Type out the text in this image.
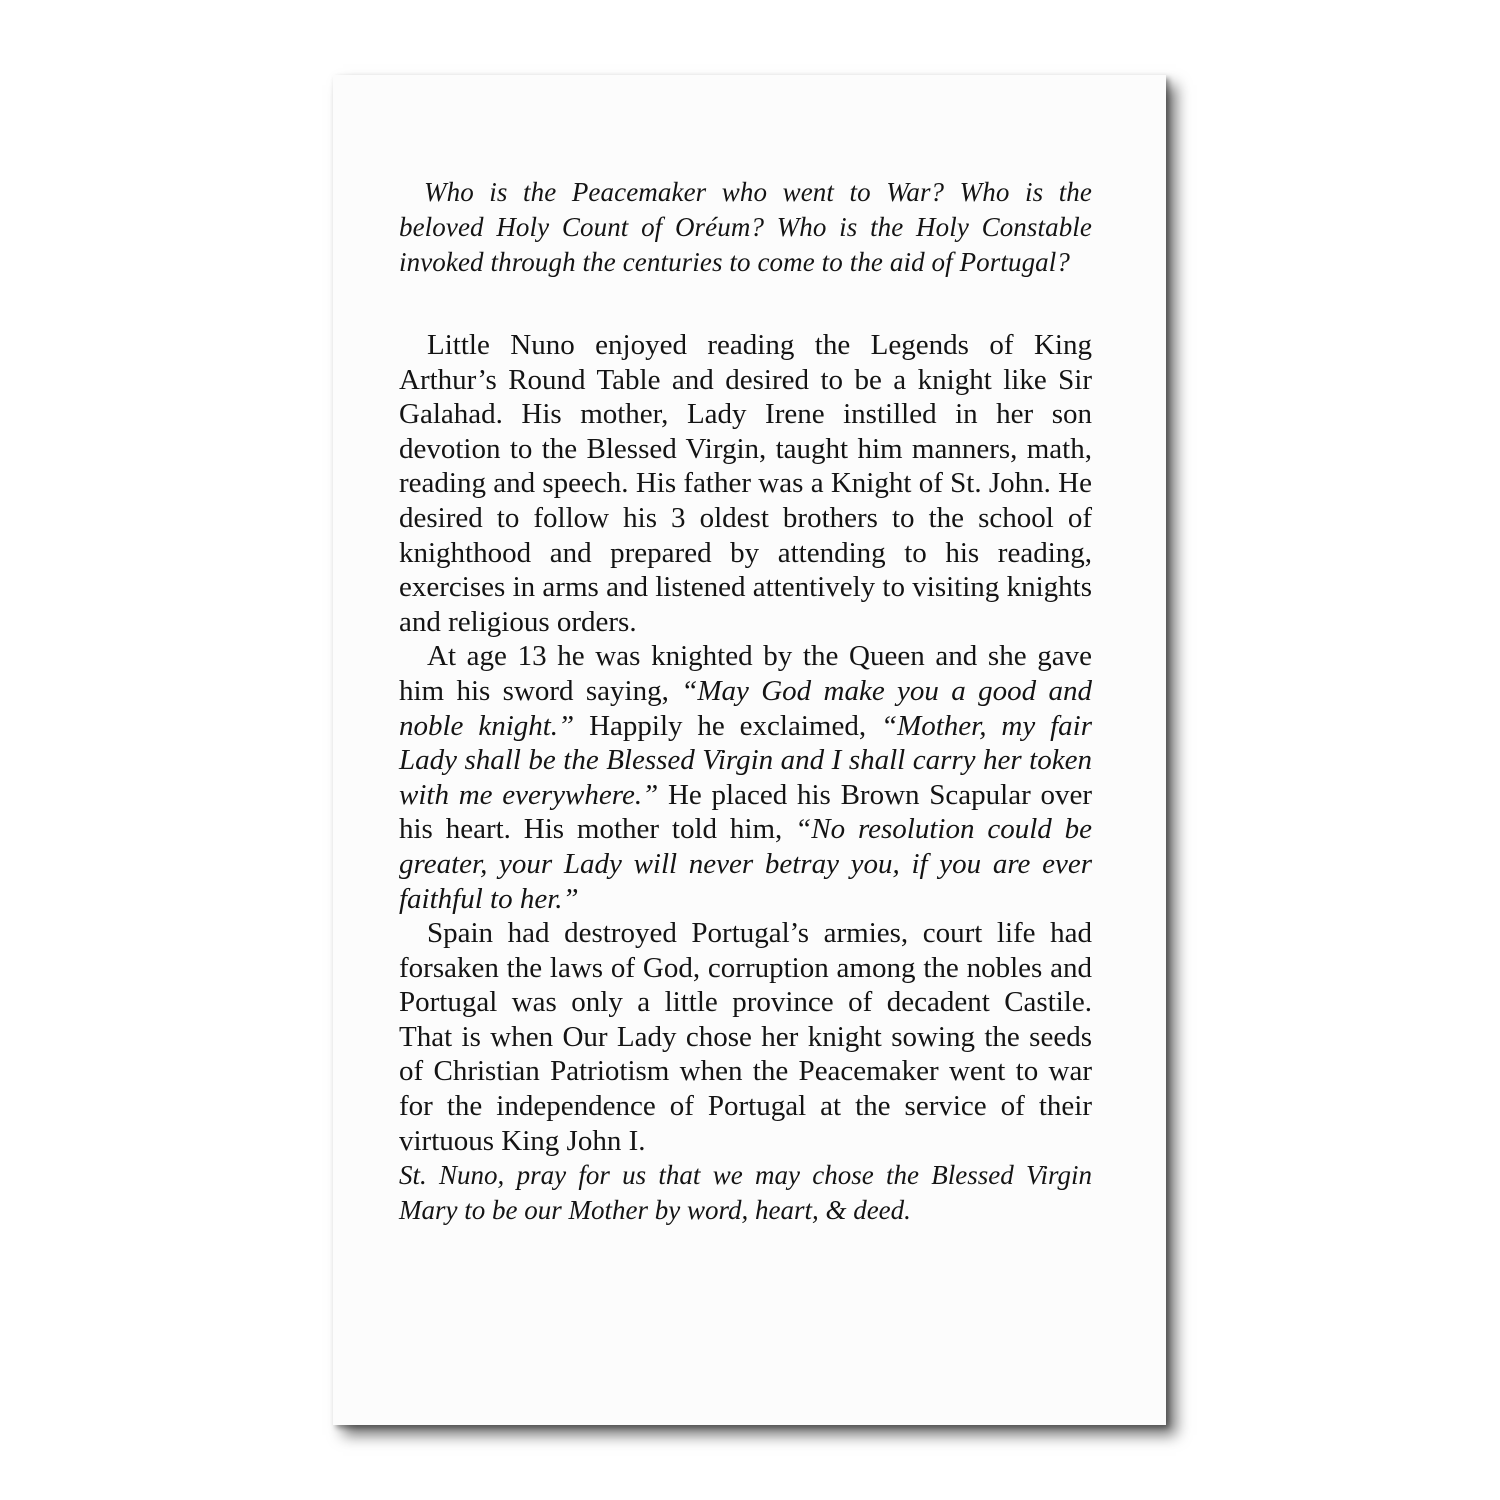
Who is the Peacemaker who went to War? Who is the beloved Holy Count of Oréum? Who is the Holy Constable invoked through the centuries to come to the aid of Portugal?

Little Nuno enjoyed reading the Legends of King Arthur’s Round Table and desired to be a knight like Sir Galahad. His mother, Lady Irene instilled in her son devotion to the Blessed Virgin, taught him manners, math, reading and speech. His father was a Knight of St. John. He desired to follow his 3 oldest brothers to the school of knighthood and prepared by attending to his reading, exercises in arms and listened attentively to visiting knights and religious orders.

At age 13 he was knighted by the Queen and she gave him his sword saying, “May God make you a good and noble knight.” Happily he exclaimed, “Mother, my fair Lady shall be the Blessed Virgin and I shall carry her token with me everywhere.” He placed his Brown Scapular over his heart. His mother told him, “No resolution could be greater, your Lady will never betray you, if you are ever faithful to her.”

Spain had destroyed Portugal’s armies, court life had forsaken the laws of God, corruption among the nobles and Portugal was only a little province of decadent Castile. That is when Our Lady chose her knight sowing the seeds of Christian Patriotism when the Peacemaker went to war for the independence of Portugal at the service of their virtuous King John I.

St. Nuno, pray for us that we may chose the Blessed Virgin Mary to be our Mother by word, heart, & deed.
